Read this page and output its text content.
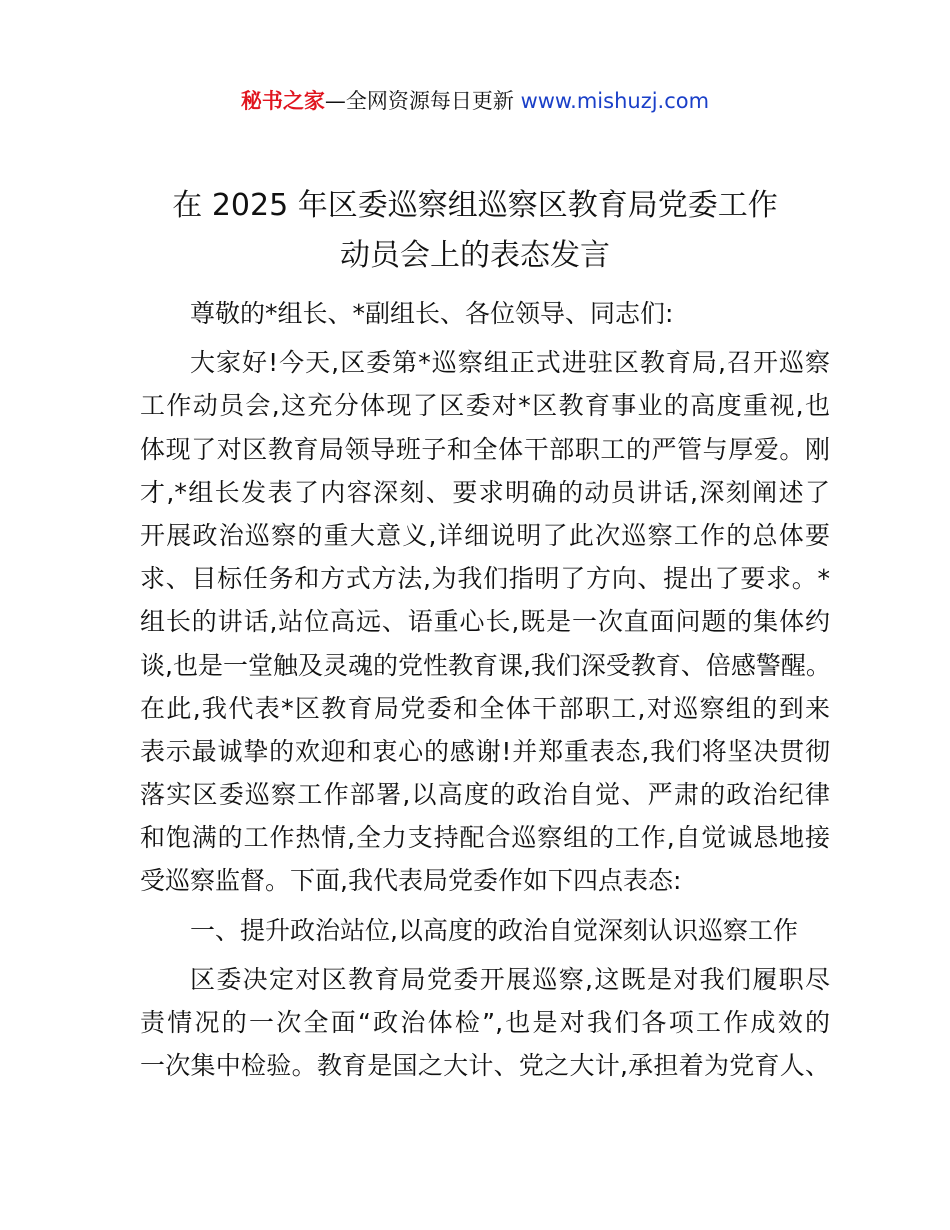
秘书之家—全网资源每日更新 www.mishuzj.com
在 2025 年区委巡察组巡察区教育局党委工作
动员会上的表态发言
尊敬的*组长、*副组长、各位领导、同志们:
大家好!今天,区委第*巡察组正式进驻区教育局,召开巡察
工作动员会,这充分体现了区委对*区教育事业的高度重视,也
体现了对区教育局领导班子和全体干部职工的严管与厚爱。刚
才,*组长发表了内容深刻、要求明确的动员讲话,深刻阐述了
开展政治巡察的重大意义,详细说明了此次巡察工作的总体要
求、目标任务和方式方法,为我们指明了方向、提出了要求。*
组长的讲话,站位高远、语重心长,既是一次直面问题的集体约
谈,也是一堂触及灵魂的党性教育课,我们深受教育、倍感警醒。
在此,我代表*区教育局党委和全体干部职工,对巡察组的到来
表示最诚挚的欢迎和衷心的感谢!并郑重表态,我们将坚决贯彻
落实区委巡察工作部署,以高度的政治自觉、严肃的政治纪律
和饱满的工作热情,全力支持配合巡察组的工作,自觉诚恳地接
受巡察监督。下面,我代表局党委作如下四点表态:
一、提升政治站位,以高度的政治自觉深刻认识巡察工作
区委决定对区教育局党委开展巡察,这既是对我们履职尽
责情况的一次全面“政治体检”,也是对我们各项工作成效的
一次集中检验。教育是国之大计、党之大计,承担着为党育人、
